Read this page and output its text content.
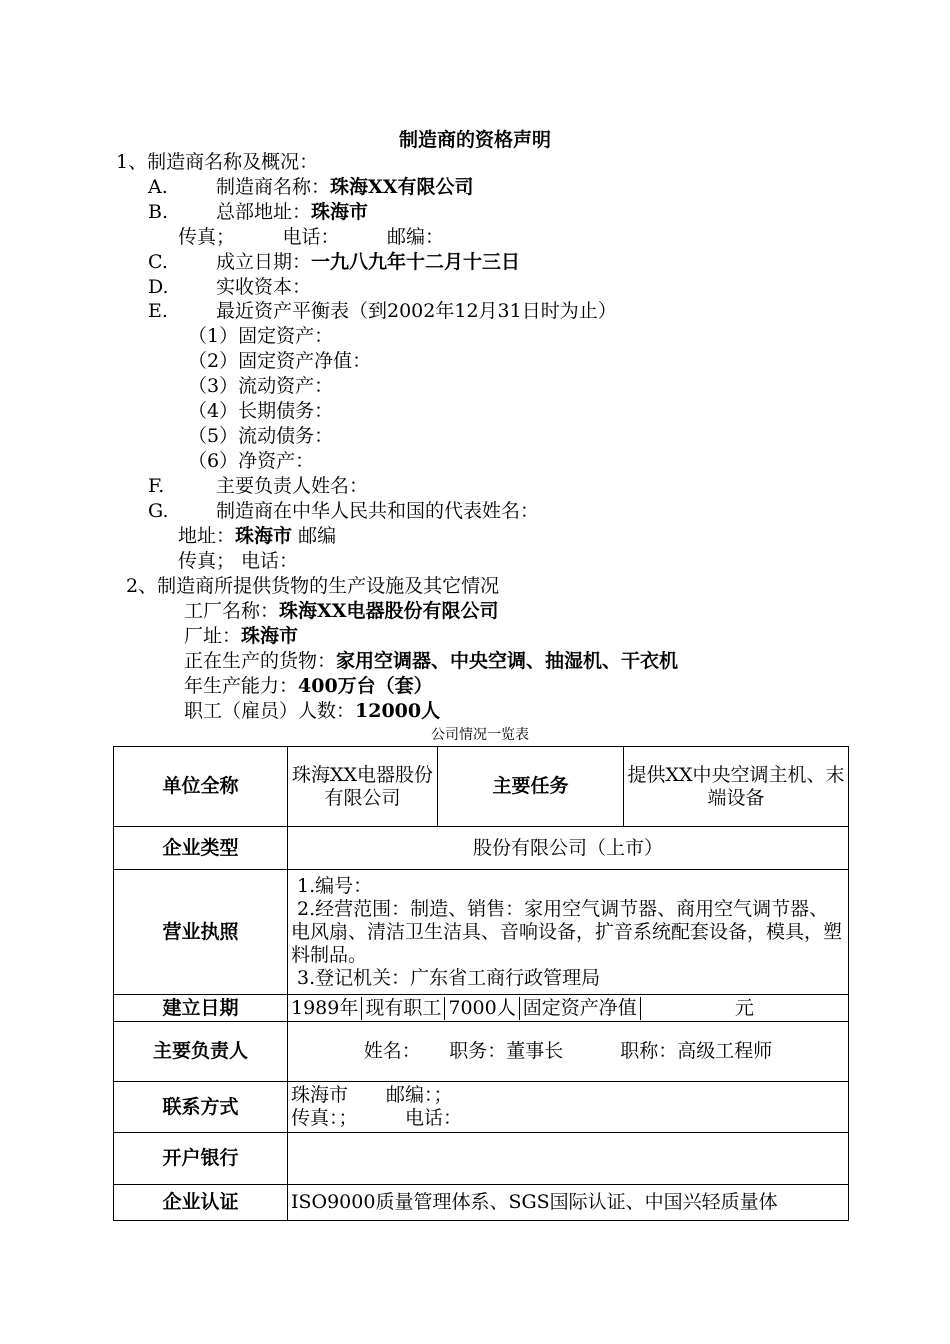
制造商的资格声明
1、制造商名称及概况：
A.	制造商名称：珠海XX有限公司
B.	总部地址：珠海市
传真；　　　电话：　　　邮编：
C.	成立日期：一九八九年十二月十三日
D. 实收资本：
E.	最近资产平衡表（到2002年12月31日时为止）
（1）固定资产：
（2）固定资产净值：
（3）流动资产：
（4）长期债务：
（5）流动债务：
（6）净资产：
F.	主要负责人姓名：
G. 制造商在中华人民共和国的代表姓名：
地址：珠海市 邮编
传真； 电话：
2、制造商所提供货物的生产设施及其它情况
工厂名称：珠海XX电器股份有限公司
厂址：珠海市
正在生产的货物：家用空调器、中央空调、抽湿机、干衣机
年生产能力：400万台（套）
职工（雇员）人数：12000人
公司情况一览表
单位全称	珠海XX电器股份有限公司	主要任务	提供XX中央空调主机、末端设备
企业类型	股份有限公司（上市）		
营业执照	1.编号：
2.经营范围：制造、销售：家用空气调节器、商用空气调节器、电风扇、清洁卫生洁具、音响设备，扩音系统配套设备，模具，塑料制品。
3.登记机关：广东省工商行政管理局		

建立日期	1989年 现有职工 7000人 固定资产净值 元		

主要负责人	姓名：　　职务：董事长　　　职称：高级工程师		
联系方式	珠海市　　邮编：；
传真：；　　　电话：		

开户银行			
企业认证	ISO9000质量管理体系、SGS国际认证、中国兴轻质量体		
